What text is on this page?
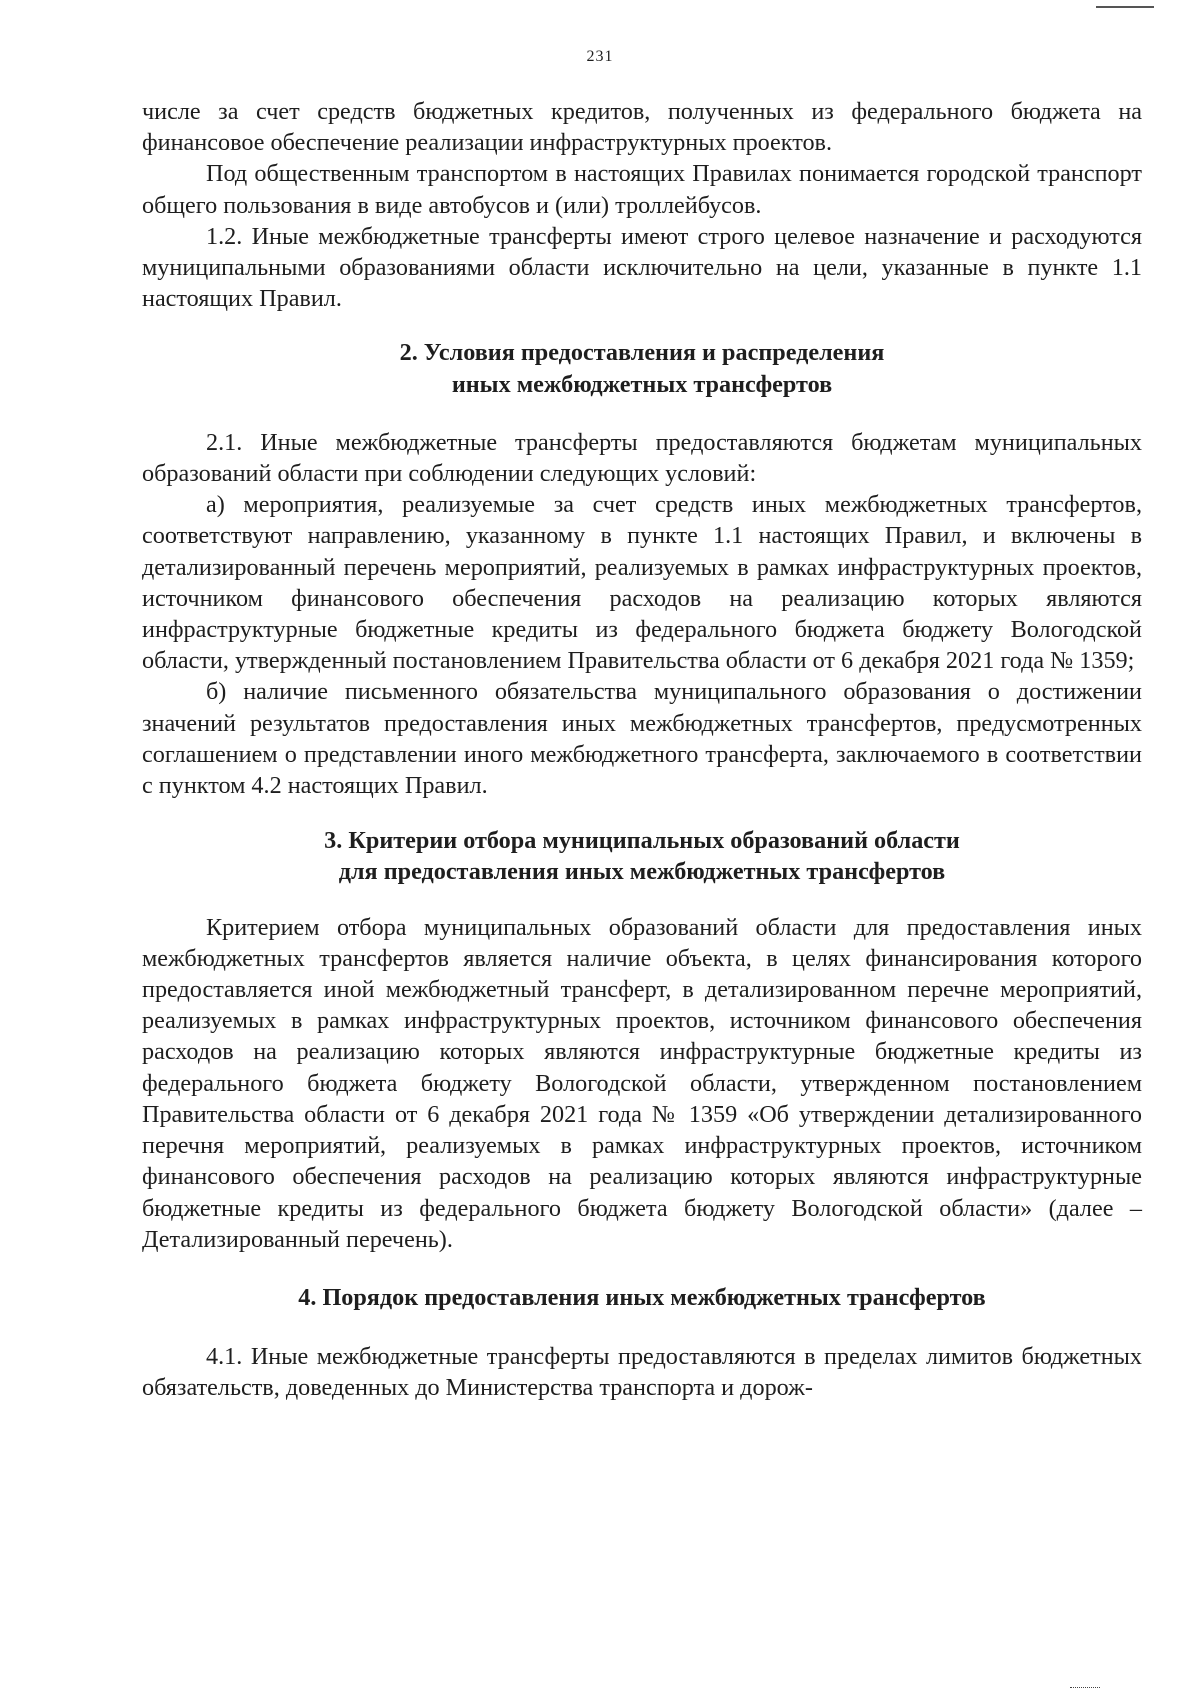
231

числе за счет средств бюджетных кредитов, полученных из федерального бюджета на финансовое обеспечение реализации инфраструктурных проектов.

Под общественным транспортом в настоящих Правилах понимается городской транспорт общего пользования в виде автобусов и (или) троллейбусов.

1.2. Иные межбюджетные трансферты имеют строго целевое назначение и расходуются муниципальными образованиями области исключительно на цели, указанные в пункте 1.1 настоящих Правил.

2. Условия предоставления и распределения
иных межбюджетных трансфертов

2.1. Иные межбюджетные трансферты предоставляются бюджетам муниципальных образований области при соблюдении следующих условий:

а) мероприятия, реализуемые за счет средств иных межбюджетных трансфертов, соответствуют направлению, указанному в пункте 1.1 настоящих Правил, и включены в детализированный перечень мероприятий, реализуемых в рамках инфраструктурных проектов, источником финансового обеспечения расходов на реализацию которых являются инфраструктурные бюджетные кредиты из федерального бюджета бюджету Вологодской области, утвержденный постановлением Правительства области от 6 декабря 2021 года № 1359;

б) наличие письменного обязательства муниципального образования о достижении значений результатов предоставления иных межбюджетных трансфертов, предусмотренных соглашением о представлении иного межбюджетного трансферта, заключаемого в соответствии с пунктом 4.2 настоящих Правил.

3. Критерии отбора муниципальных образований области
для предоставления иных межбюджетных трансфертов

Критерием отбора муниципальных образований области для предоставления иных межбюджетных трансфертов является наличие объекта, в целях финансирования которого предоставляется иной межбюджетный трансферт, в детализированном перечне мероприятий, реализуемых в рамках инфраструктурных проектов, источником финансового обеспечения расходов на реализацию которых являются инфраструктурные бюджетные кредиты из федерального бюджета бюджету Вологодской области, утвержденном постановлением Правительства области от 6 декабря 2021 года № 1359 «Об утверждении детализированного перечня мероприятий, реализуемых в рамках инфраструктурных проектов, источником финансового обеспечения расходов на реализацию которых являются инфраструктурные бюджетные кредиты из федерального бюджета бюджету Вологодской области» (далее – Детализированный перечень).

4. Порядок предоставления иных межбюджетных трансфертов

4.1. Иные межбюджетные трансферты предоставляются в пределах лимитов бюджетных обязательств, доведенных до Министерства транспорта и дорож-
